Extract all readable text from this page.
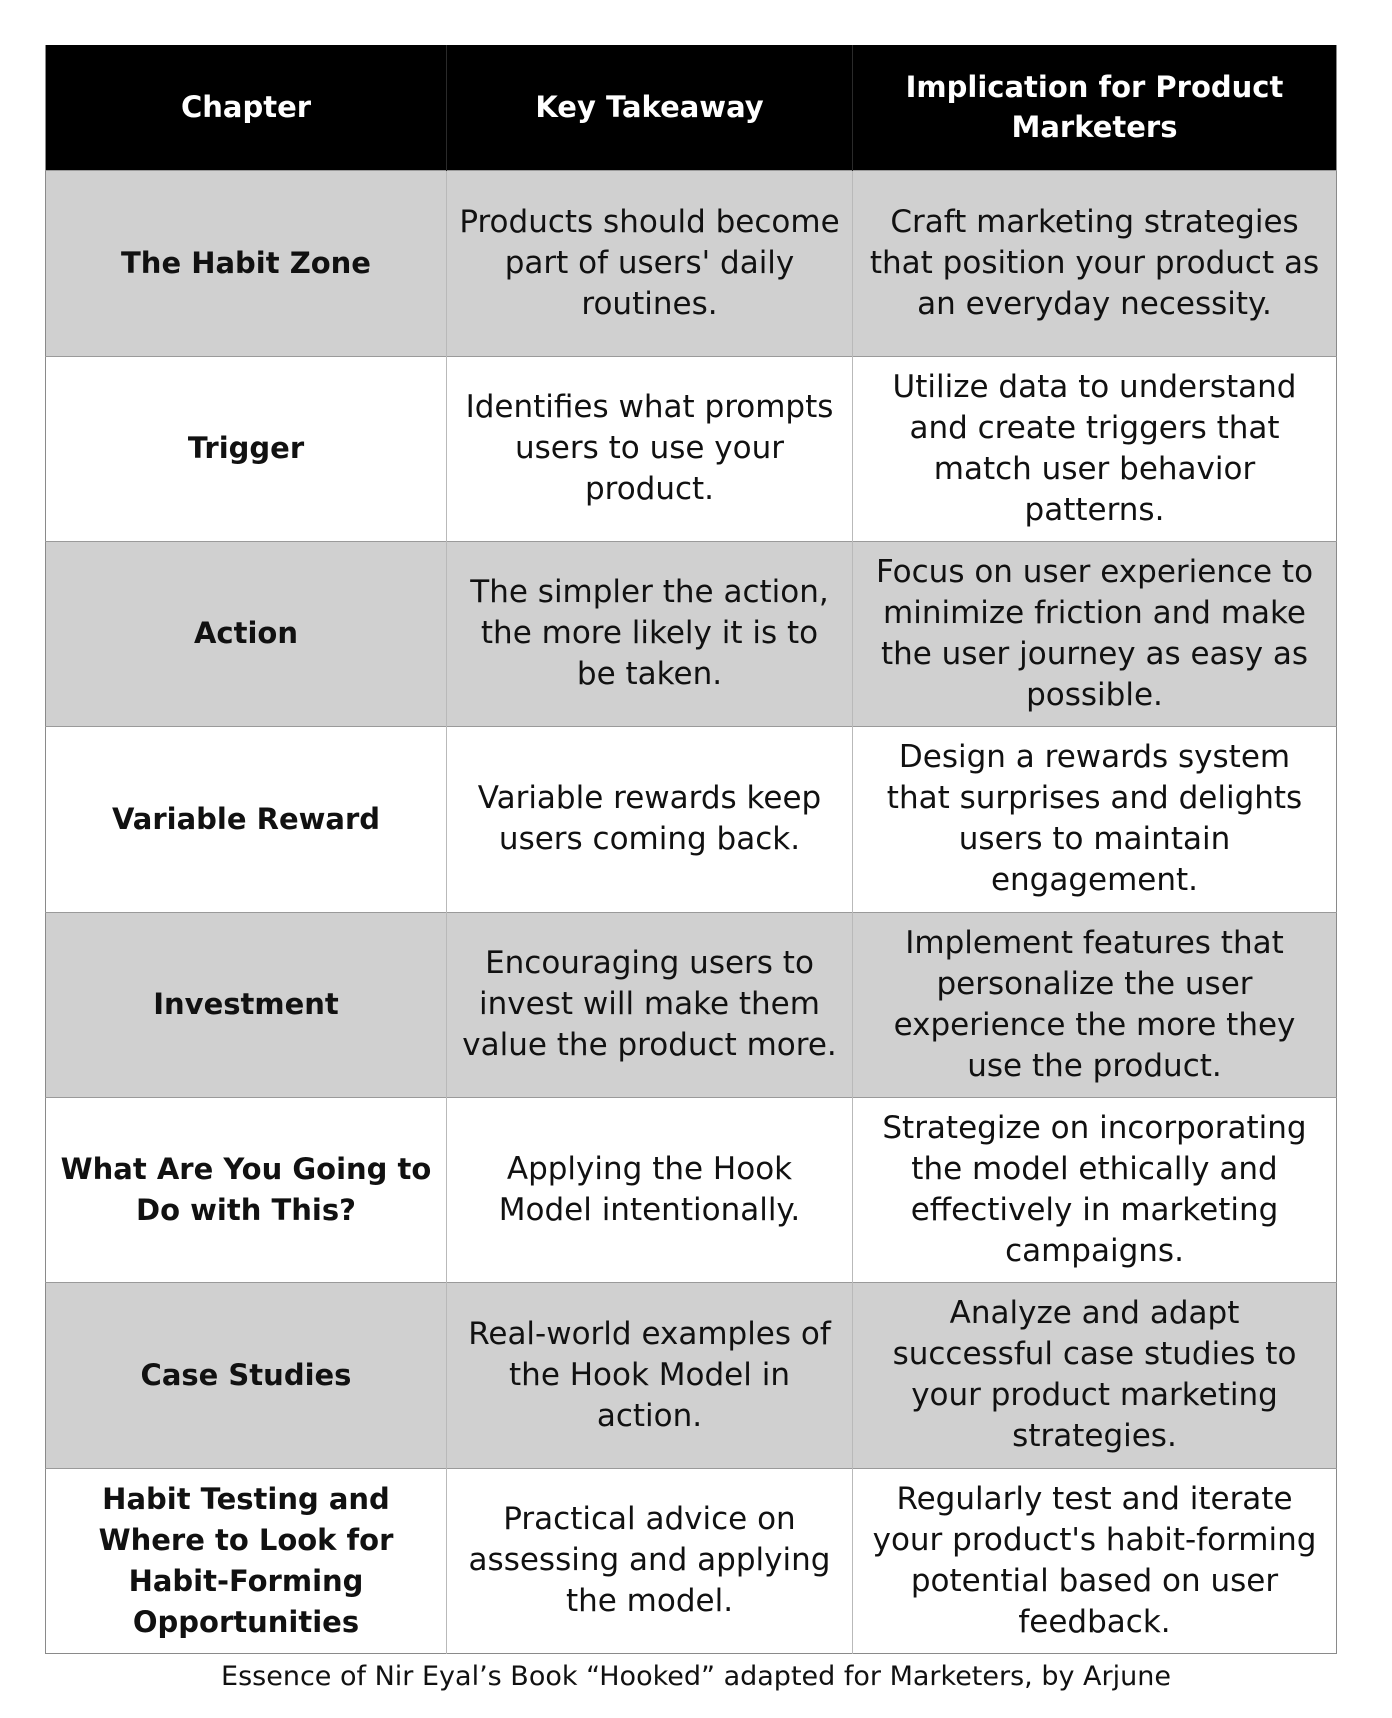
Chapter	Key Takeaway	Implication for Product Marketers
The Habit Zone	Products should become part of users' daily routines.	Craft marketing strategies that position your product as an everyday necessity.
Trigger	Identifies what prompts users to use your product.	Utilize data to understand and create triggers that match user behavior patterns.
Action	The simpler the action, the more likely it is to be taken.	Focus on user experience to minimize friction and make the user journey as easy as possible.
Variable Reward	Variable rewards keep users coming back.	Design a rewards system that surprises and delights users to maintain engagement.
Investment	Encouraging users to invest will make them value the product more.	Implement features that personalize the user experience the more they use the product.
What Are You Going to Do with This?	Applying the Hook Model intentionally.	Strategize on incorporating the model ethically and effectively in marketing campaigns.
Case Studies	Real-world examples of the Hook Model in action.	Analyze and adapt successful case studies to your product marketing strategies.
Habit Testing and Where to Look for Habit-Forming Opportunities	Practical advice on assessing and applying the model.	Regularly test and iterate your product's habit-forming potential based on user feedback.
Essence of Nir Eyal’s Book “Hooked” adapted for Marketers, by Arjune
